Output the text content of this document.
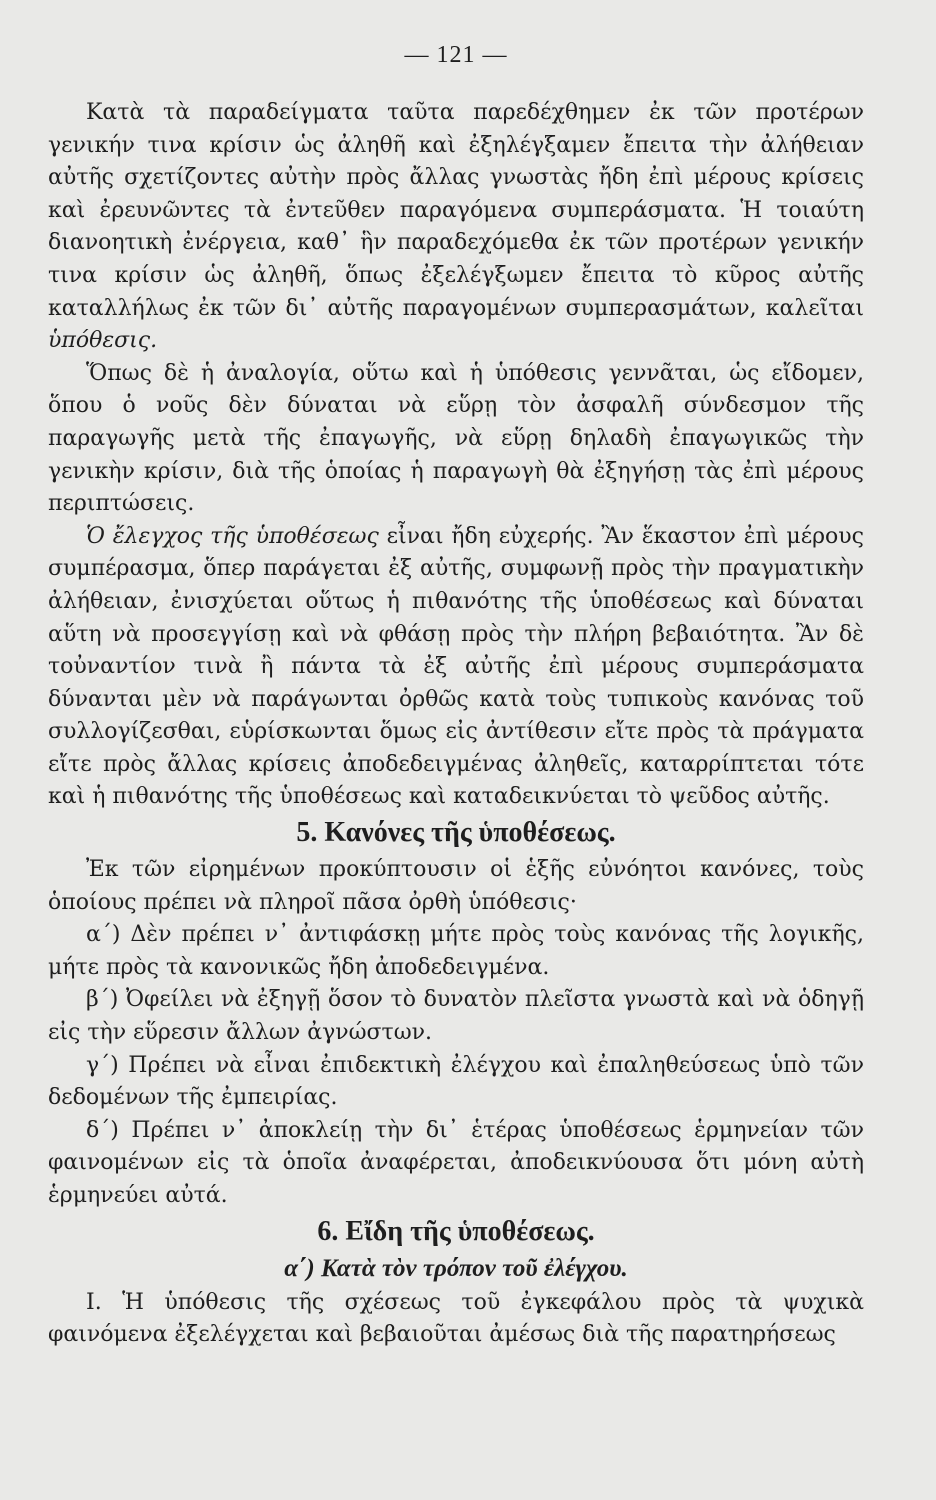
— 121 —

Κατὰ τὰ παραδείγματα ταῦτα παρεδέχθημεν ἐκ τῶν προτέρων γενικήν τινα κρίσιν ὡς ἀληθῆ καὶ ἐξηλέγξαμεν ἔπειτα τὴν ἀλήθειαν αὐτῆς σχετίζοντες αὐτὴν πρὸς ἄλλας γνωστὰς ἤδη ἐπὶ μέρους κρίσεις καὶ ἐρευνῶντες τὰ ἐντεῦθεν παραγόμενα συμπεράσματα. Ἡ τοιαύτη διανοητικὴ ἐνέργεια, καθ᾽ ἣν παραδεχόμεθα ἐκ τῶν προτέρων γενικήν τινα κρίσιν ὡς ἀληθῆ, ὅπως ἐξελέγξωμεν ἔπειτα τὸ κῦρος αὐτῆς καταλλήλως ἐκ τῶν δι᾽ αὐτῆς παραγομένων συμπερασμάτων, καλεῖται ὑπόθεσις.

Ὅπως δὲ ἡ ἀναλογία, οὕτω καὶ ἡ ὑπόθεσις γεννᾶται, ὡς εἴδομεν, ὅπου ὁ νοῦς δὲν δύναται νὰ εὕρῃ τὸν ἀσφαλῆ σύνδεσμον τῆς παραγωγῆς μετὰ τῆς ἐπαγωγῆς, νὰ εὕρῃ δηλαδὴ ἐπαγωγικῶς τὴν γενικὴν κρίσιν, διὰ τῆς ὁποίας ἡ παραγωγὴ θὰ ἐξηγήσῃ τὰς ἐπὶ μέρους περιπτώσεις.

Ὁ ἔλεγχος τῆς ὑποθέσεως εἶναι ἤδη εὐχερής. Ἂν ἕκαστον ἐπὶ μέρους συμπέρασμα, ὅπερ παράγεται ἐξ αὐτῆς, συμφωνῇ πρὸς τὴν πραγματικὴν ἀλήθειαν, ἐνισχύεται οὕτως ἡ πιθανότης τῆς ὑποθέσεως καὶ δύναται αὕτη νὰ προσεγγίσῃ καὶ νὰ φθάσῃ πρὸς τὴν πλήρη βεβαιότητα. Ἂν δὲ τοὐναντίον τινὰ ἢ πάντα τὰ ἐξ αὐτῆς ἐπὶ μέρους συμπεράσματα δύνανται μὲν νὰ παράγωνται ὀρθῶς κατὰ τοὺς τυπικοὺς κανόνας τοῦ συλλογίζεσθαι, εὑρίσκωνται ὅμως εἰς ἀντίθεσιν εἴτε πρὸς τὰ πράγματα εἴτε πρὸς ἄλλας κρίσεις ἀποδεδειγμένας ἀληθεῖς, καταρρίπτεται τότε καὶ ἡ πιθανότης τῆς ὑποθέσεως καὶ καταδεικνύεται τὸ ψεῦδος αὐτῆς.

5. Κανόνες τῆς ὑποθέσεως.

Ἐκ τῶν εἰρημένων προκύπτουσιν οἱ ἑξῆς εὐνόητοι κανόνες, τοὺς ὁποίους πρέπει νὰ πληροῖ πᾶσα ὀρθὴ ὑπόθεσις·

α΄) Δὲν πρέπει ν᾽ ἀντιφάσκῃ μήτε πρὸς τοὺς κανόνας τῆς λογικῆς, μήτε πρὸς τὰ κανονικῶς ἤδη ἀποδεδειγμένα.

β΄) Ὀφείλει νὰ ἐξηγῇ ὅσον τὸ δυνατὸν πλεῖστα γνωστὰ καὶ νὰ ὁδηγῇ εἰς τὴν εὕρεσιν ἄλλων ἀγνώστων.

γ΄) Πρέπει νὰ εἶναι ἐπιδεκτικὴ ἐλέγχου καὶ ἐπαληθεύσεως ὑπὸ τῶν δεδομένων τῆς ἐμπειρίας.

δ΄) Πρέπει ν᾽ ἀποκλείῃ τὴν δι᾽ ἑτέρας ὑποθέσεως ἑρμηνείαν τῶν φαινομένων εἰς τὰ ὁποῖα ἀναφέρεται, ἀποδεικνύουσα ὅτι μόνη αὐτὴ ἑρμηνεύει αὐτά.

6. Εἴδη τῆς ὑποθέσεως.
α΄) Κατὰ τὸν τρόπον τοῦ ἐλέγχου.

I. Ἡ ὑπόθεσις τῆς σχέσεως τοῦ ἐγκεφάλου πρὸς τὰ ψυχικὰ φαινόμενα ἐξελέγχεται καὶ βεβαιοῦται ἀμέσως διὰ τῆς παρατηρήσεως
